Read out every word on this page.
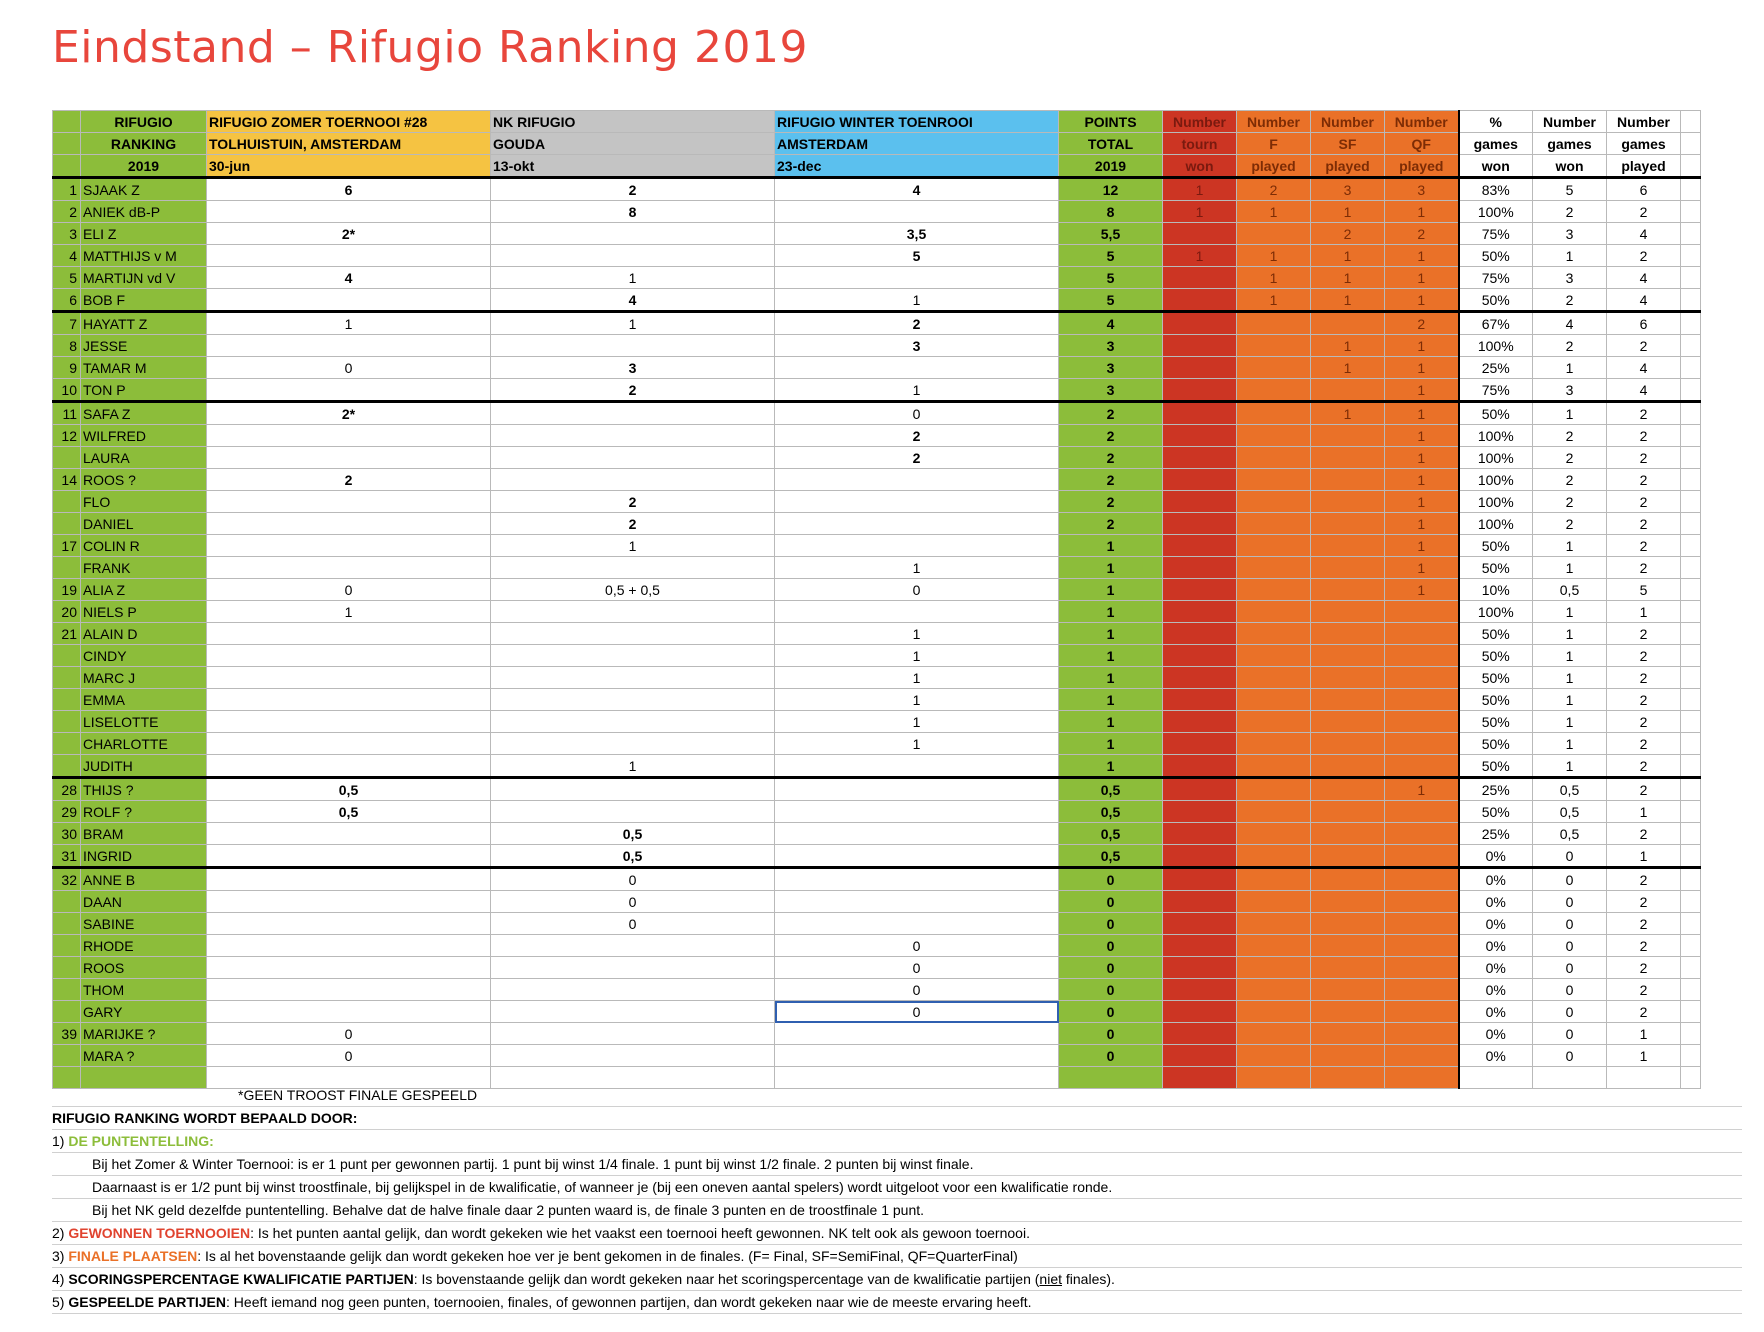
Eindstand – Rifugio Ranking 2019
	RIFUGIO	RIFUGIO ZOMER TOERNOOI #28	NK RIFUGIO	RIFUGIO WINTER TOENROOI	POINTS	Number	Number	Number	Number	%	Number	Number	
	RANKING	TOLHUISTUIN, AMSTERDAM	GOUDA	AMSTERDAM	TOTAL	tourn	F	SF	QF	games	games	games	
	2019	30-jun	13-okt	23-dec	2019	won	played	played	played	won	won	played	
1	SJAAK Z	6	2	4	12	1	2	3	3	83%	5	6	
2	ANIEK dB-P		8		8	1	1	1	1	100%	2	2	
3	ELI Z	2*		3,5	5,5			2	2	75%	3	4	
4	MATTHIJS v M			5	5	1	1	1	1	50%	1	2	
5	MARTIJN vd V	4	1		5		1	1	1	75%	3	4	
6	BOB F		4	1	5		1	1	1	50%	2	4	
7	HAYATT Z	1	1	2	4				2	67%	4	6	
8	JESSE			3	3			1	1	100%	2	2	
9	TAMAR M	0	3		3			1	1	25%	1	4	
10	TON P		2	1	3				1	75%	3	4	
11	SAFA Z	2*		0	2			1	1	50%	1	2	
12	WILFRED			2	2				1	100%	2	2	
	LAURA			2	2				1	100%	2	2	
14	ROOS ?	2			2				1	100%	2	2	
	FLO		2		2				1	100%	2	2	
	DANIEL		2		2				1	100%	2	2	
17	COLIN R		1		1				1	50%	1	2	
	FRANK			1	1				1	50%	1	2	
19	ALIA Z	0	0,5 + 0,5	0	1				1	10%	0,5	5	
20	NIELS P	1			1					100%	1	1	
21	ALAIN D			1	1					50%	1	2	
	CINDY			1	1					50%	1	2	
	MARC J			1	1					50%	1	2	
	EMMA			1	1					50%	1	2	
	LISELOTTE			1	1					50%	1	2	
	CHARLOTTE			1	1					50%	1	2	
	JUDITH		1		1					50%	1	2	
28	THIJS ?	0,5			0,5				1	25%	0,5	2	
29	ROLF ?	0,5			0,5					50%	0,5	1	
30	BRAM		0,5		0,5					25%	0,5	2	
31	INGRID		0,5		0,5					0%	0	1	
32	ANNE B		0		0					0%	0	2	
	DAAN		0		0					0%	0	2	
	SABINE		0		0					0%	0	2	
	RHODE			0	0					0%	0	2	
	ROOS			0	0					0%	0	2	
	THOM			0	0					0%	0	2	
	GARY			0	0					0%	0	2	
39	MARIJKE ?	0			0					0%	0	1	
	MARA ?	0			0					0%	0	1	

*GEEN TROOST FINALE GESPEELD
RIFUGIO RANKING WORDT BEPAALD DOOR:
1) DE PUNTENTELLING:
Bij het Zomer & Winter Toernooi: is er 1 punt per gewonnen partij. 1 punt bij winst 1/4 finale. 1 punt bij winst 1/2 finale. 2 punten bij winst finale.
Daarnaast is er 1/2 punt bij winst troostfinale, bij gelijkspel in de kwalificatie, of wanneer je (bij een oneven aantal spelers) wordt uitgeloot voor een kwalificatie ronde.
Bij het NK geld dezelfde puntentelling. Behalve dat de halve finale daar 2 punten waard is, de finale 3 punten en de troostfinale 1 punt.
2) GEWONNEN TOERNOOIEN: Is het punten aantal gelijk, dan wordt gekeken wie het vaakst een toernooi heeft gewonnen. NK telt ook als gewoon toernooi.
3) FINALE PLAATSEN: Is al het bovenstaande gelijk dan wordt gekeken hoe ver je bent gekomen in de finales. (F= Final, SF=SemiFinal, QF=QuarterFinal)
4) SCORINGSPERCENTAGE KWALIFICATIE PARTIJEN: Is bovenstaande gelijk dan wordt gekeken naar het scoringspercentage van de kwalificatie partijen (niet finales).
5) GESPEELDE PARTIJEN: Heeft iemand nog geen punten, toernooien, finales, of gewonnen partijen, dan wordt gekeken naar wie de meeste ervaring heeft.
